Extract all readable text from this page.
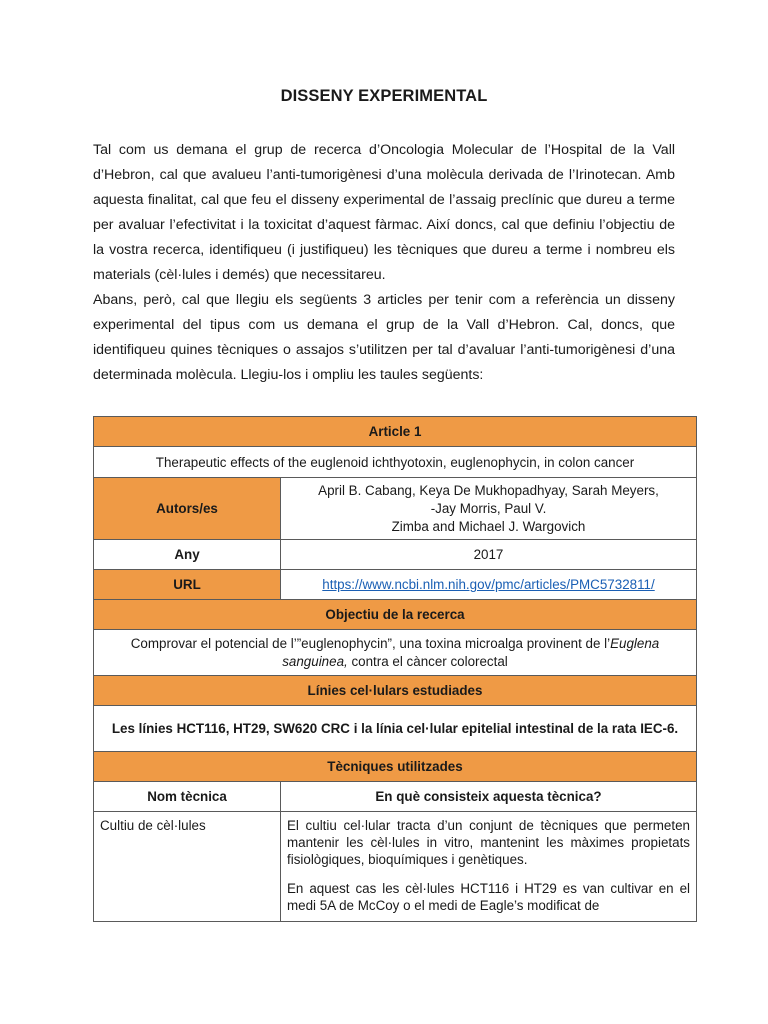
DISSENY EXPERIMENTAL

Tal com us demana el grup de recerca d’Oncologia Molecular de l’Hospital de la Vall d’Hebron, cal que avalueu l’anti-tumorigènesi d’una molècula derivada de l’Irinotecan. Amb aquesta finalitat, cal que feu el disseny experimental de l’assaig preclínic que dureu a terme per avaluar l’efectivitat i la toxicitat d’aquest fàrmac. Així doncs, cal que definiu l’objectiu de la vostra recerca, identifiqueu (i justifiqueu) les tècniques que dureu a terme i nombreu els materials (cèl·lules i demés) que necessitareu.

Abans, però, cal que llegiu els següents 3 articles per tenir com a referència un disseny experimental del tipus com us demana el grup de la Vall d’Hebron. Cal, doncs, que identifiqueu quines tècniques o assajos s’utilitzen per tal d’avaluar l’anti-tumorigènesi d’una determinada molècula. Llegiu-los i ompliu les taules següents:

Article 1	
Therapeutic effects of the euglenoid ichthyotoxin, euglenophycin, in colon cancer	
Autors/es	April B. Cabang, Keya De Mukhopadhyay, Sarah Meyers,
-Jay Morris, Paul V.
Zimba and Michael J. Wargovich
Any	2017
URL	https://www.ncbi.nlm.nih.gov/pmc/articles/PMC5732811/
Objectiu de la recerca	
Comprovar el potencial de l’”euglenophycin”, una toxina microalga provinent de l’Euglena sanguinea, contra el càncer colorectal	
Línies cel·lulars estudiades	
Les línies HCT116, HT29, SW620 CRC i la línia cel·lular epitelial intestinal de la rata IEC-6.	
Tècniques utilitzades	
Nom tècnica	En què consisteix aquesta tècnica?
Cultiu de cèl·lules	El cultiu cel·lular tracta d’un conjunt de tècniques que permeten mantenir les cèl·lules in vitro, mantenint les màximes propietats fisiològiques, bioquímiques i genètiques.

En aquest cas les cèl·lules HCT116 i HT29 es van cultivar en el medi 5A de McCoy o el medi de Eagle’s modificat de
